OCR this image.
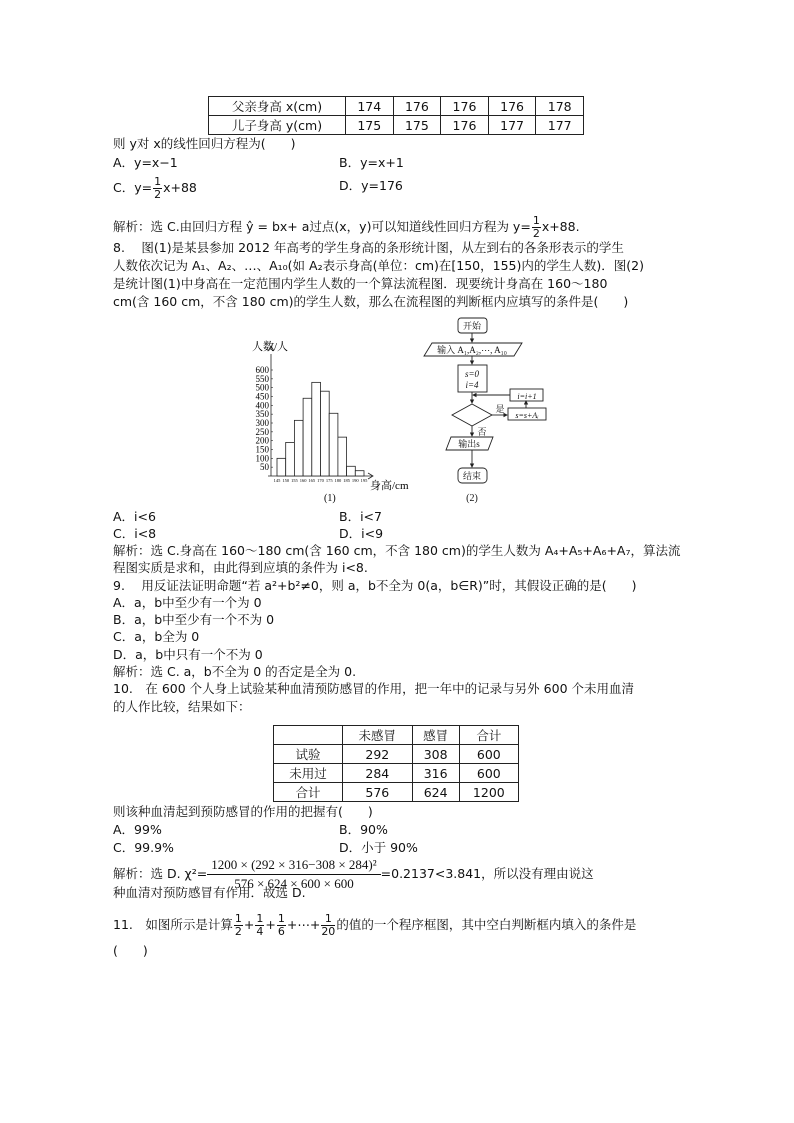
父亲身高 x(cm)	174	176	176	176	178
儿子身高 y(cm)	175	175	176	177	177
则 y对 x的线性回归方程为(　　)
A．y=x−1	B．y=x+1
C．$y= \frac{1}{2} x+88$	D．y=176
解析：选 C.由回归方程 ŷ = bx+ a过点(x，y)可以知道线性回归方程为 $y= \frac{1}{2} x+88$.
8.　 图(1)是某县参加 2012 年高考的学生身高的条形统计图，从左到右的各条形表示的学生
人数依次记为 A₁、A₂、…、A₁₀(如 A₂表示身高(单位：cm)在[150，155)内的学生人数)．图(2)
是统计图(1)中身高在一定范围内学生人数的一个算法流程图．现要统计身高在 160～180
cm(含 160 cm，不含 180 cm)的学生人数，那么在流程图的判断框内应填写的条件是(　　)
人数/人
身高/cm
(1)
50
100
150
200
250
300
350
400
450
500
550
600
145 150 155 160 165 170 175 180 185 190 195
开始
输入 A₁,A₂,⋯, A₁₀
s=0
i=4
是
s=s+Aᵢ
i=i+1
否
输出s
结束
(2)
A．i<6	B．i<7
C．i<8	D．i<9
解析：选 C.身高在 160～180 cm(含 160 cm，不含 180 cm)的学生人数为 A₄+A₅+A₆+A₇，算法流
程图实质是求和，由此得到应填的条件为 i<8.
9.　 用反证法证明命题“若 a²+b²≠0，则 a，b不全为 0(a，b∈R)”时，其假设正确的是(　　)
A．a，b中至少有一个为 0
B．a，b中至少有一个不为 0
C．a，b全为 0
D．a，b中只有一个不为 0
解析：选 C. a，b不全为 0 的否定是全为 0.
10.　在 600 个人身上试验某种血清预防感冒的作用，把一年中的记录与另外 600 个未用血清
的人作比较，结果如下：
	未感冒	感冒	合计
试验	292	308	600
未用过	284	316	600
合计	576	624	1200
则该种血清起到预防感冒的作用的把握有(　　)
A．99%	B．90%
C．99.9%	D．小于 90%
解析：选 D. $\chi^2= \frac{\text{1200 × (292 × 316−308 × 284)²}}{576 \times 624 \times 600 \times 600} =0.2137<3.841$，所以没有理由说这
种血清对预防感冒有作用．故选 D.
11.　如图所示是计算 $\frac{1}{2} + \frac{1}{4} + \frac{1}{6}$ +⋯+ $\frac{1}{20}$ 的值的一个程序框图，其中空白判断框内填入的条件是
(　　)
